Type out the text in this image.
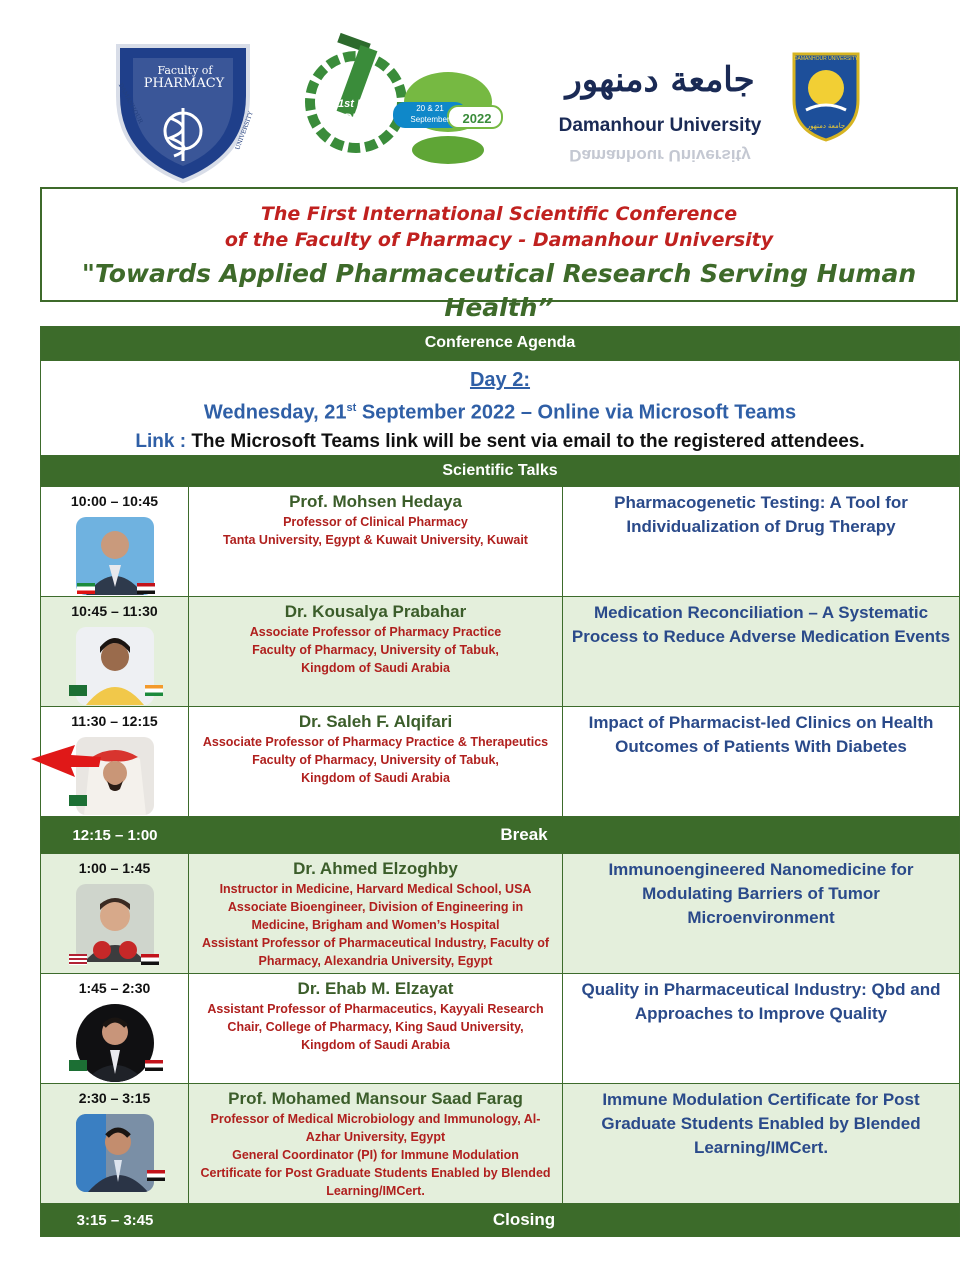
Faculty of
PHARMACY
DAMANHOUR
UNIVERSITY
1st PHR-
DMU
20 & 21
September 2022
جامعة دمنهور
Damanhour University
Damanhour University
DAMANHOUR UNIVERSITY
جامعة دمنهور
The First International Scientific Conference
of the Faculty of Pharmacy - Damanhour University
"Towards Applied Pharmaceutical Research Serving Human Health”
Conference Agenda
Day 2:
Wednesday, 21st September 2022 – Online via Microsoft Teams
Link : The Microsoft Teams link will be sent via email to the registered attendees.
Scientific Talks
10:00 – 10:45	Prof. Mohsen Hedaya
Professor of Clinical Pharmacy
Tanta University, Egypt & Kuwait University, Kuwait
Pharmacogenetic Testing: A Tool for Individualization of Drug Therapy
10:45 – 11:30	Dr. Kousalya Prabahar
Associate Professor of Pharmacy Practice
Faculty of Pharmacy, University of Tabuk,
Kingdom of Saudi Arabia
Medication Reconciliation – A Systematic Process to Reduce Adverse Medication Events
11:30 – 12:15	Dr. Saleh F. Alqifari
Associate Professor of Pharmacy Practice & Therapeutics
Faculty of Pharmacy, University of Tabuk,
Kingdom of Saudi Arabia
Impact of Pharmacist-led Clinics on Health Outcomes of Patients With Diabetes
12:15 – 1:00	Break
1:00 – 1:45	Dr. Ahmed Elzoghby
Instructor in Medicine, Harvard Medical School, USA
Associate Bioengineer, Division of Engineering in
Medicine, Brigham and Women’s Hospital
Assistant Professor of Pharmaceutical Industry, Faculty of
Pharmacy, Alexandria University, Egypt
Immunoengineered Nanomedicine for Modulating Barriers of Tumor Microenvironment
1:45 – 2:30	Dr. Ehab M. Elzayat
Assistant Professor of Pharmaceutics, Kayyali Research
Chair, College of Pharmacy, King Saud University,
Kingdom of Saudi Arabia
Quality in Pharmaceutical Industry: Qbd and Approaches to Improve Quality
2:30 – 3:15	Prof. Mohamed Mansour Saad Farag
Professor of Medical Microbiology and Immunology, Al-
Azhar University, Egypt
General Coordinator (PI) for Immune Modulation
Certificate for Post Graduate Students Enabled by Blended
Learning/IMCert.
Immune Modulation Certificate for Post Graduate Students Enabled by Blended Learning/IMCert.
3:15 – 3:45	Closing
